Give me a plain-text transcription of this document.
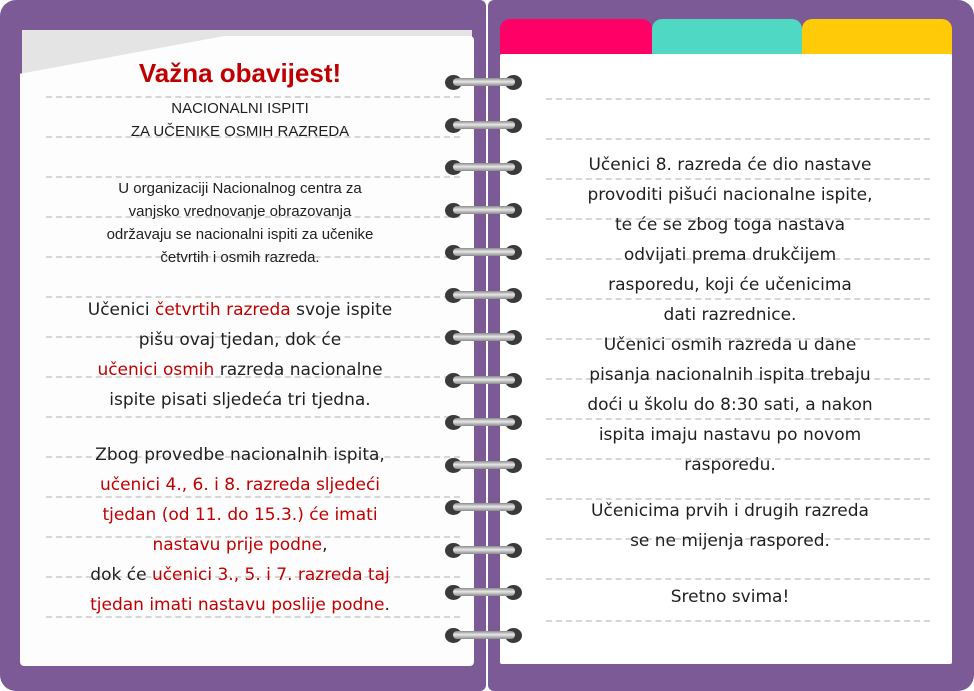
Važna obavijest!
NACIONALNI ISPITI
ZA UČENIKE OSMIH RAZREDA
U organizaciji Nacionalnog centra za
vanjsko vrednovanje obrazovanja
održavaju se nacionalni ispiti za učenike
četvrtih i osmih razreda.
Učenici četvrtih razreda svoje ispite
pišu ovaj tjedan, dok će
učenici osmih razreda nacionalne
ispite pisati sljedeća tri tjedna.
Zbog provedbe nacionalnih ispita,
učenici 4., 6. i 8. razreda sljedeći
tjedan (od 11. do 15.3.) će imati
nastavu prije podne,
dok će učenici 3., 5. i 7. razreda taj
tjedan imati nastavu poslije podne.
Učenici 8. razreda će dio nastave
provoditi pišući nacionalne ispite,
te će se zbog toga nastava
odvijati prema drukčijem
rasporedu, koji će učenicima
dati razrednice.
Učenici osmih razreda u dane
pisanja nacionalnih ispita trebaju
doći u školu do 8:30 sati, a nakon
ispita imaju nastavu po novom
rasporedu.
Učenicima prvih i drugih razreda
se ne mijenja raspored.
Sretno svima!
